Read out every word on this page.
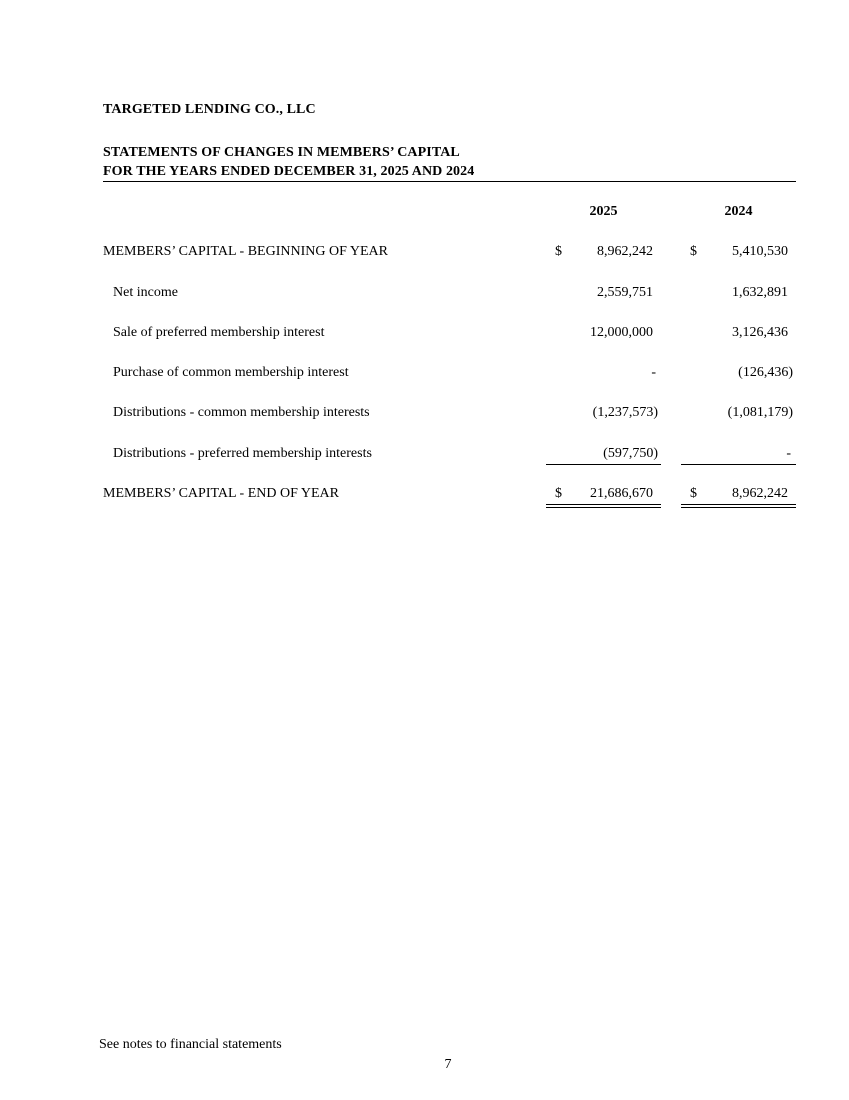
TARGETED LENDING CO., LLC
STATEMENTS OF CHANGES IN MEMBERS’ CAPITAL
FOR THE YEARS ENDED DECEMBER 31, 2025 AND 2024
2025	2024
MEMBERS’ CAPITAL - BEGINNING OF YEAR	$	8,962,242	$	5,410,530
Net income	2,559,751	1,632,891
Sale of preferred membership interest	12,000,000	3,126,436
Purchase of common membership interest	-	(126,436)
Distributions - common membership interests	(1,237,573)	(1,081,179)
Distributions - preferred membership interests	(597,750)	-
MEMBERS’ CAPITAL - END OF YEAR	$ 21,686,670	$	8,962,242
See notes to financial statements
7
